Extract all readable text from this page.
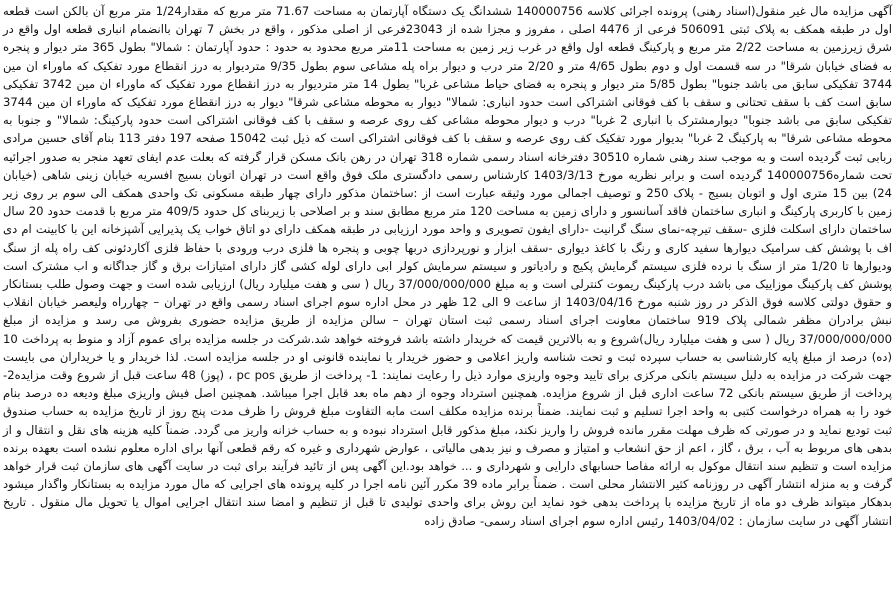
آگهی مزایده مال غیر منقول(اسناد رهنی) پرونده اجرائی کلاسه 140000756 ششدانگ یک دستگاه آپارتمان به مساحت 71.67 متر مربع که مقدار1/24 متر مربع آن بالکن است قطعه اول در طبقه همکف به پلاک ثبتی 506091 فرعی از 4476 اصلی ، مفروز و مجزا شده از 23043فرعی از اصلی مذکور ، واقع در بخش 7 تهران باانضمام انباری قطعه اول واقع در شرق زیرزمین به مساحت 2/22 متر مربع و پارکینگ قطعه اول واقع در غرب زیر زمین به مساحت 11متر مربع محدود به حدود : حدود آپارتمان : شمالا" بطول 365 متر دیوار و پنجره به فضای خیابان شرقا" در سه قسمت اول و دوم بطول 4/65 متر و 2/20 متر درب و دیوار براه پله مشاعی سوم بطول 9/35 متردیوار به درز انقطاع مورد تفکیک که ماوراء ان مین 3744 تفکیکی سابق می باشد جنوبا" بطول 5/85 متر دیوار و پنجره به فضای حیاط مشاعی غربا" بطول 14 متر متردیوار به درز انقطاع مورد تفکیک که ماوراء ان مین 3742 تفکیکی سابق است کف با سقف تحتانی و سقف با کف فوقانی اشتراکی است حدود انباری: شمالا" دیوار به محوطه مشاعی شرقا" دیوار به درز انقطاع مورد تفکیک که ماوراء ان مین 3744 تفکیکی سابق می باشد جنوبا" دیوارمشترک با انباری 2 غربا" درب و دیوار محوطه مشاعی کف روی عرصه و سقف با کف فوقانی اشتراکی است حدود پارکینگ: شمالا" و جنوبا به محوطه مشاعی شرقا" به پارکینگ 2 غربا" بدیوار مورد تفکیک کف روی عرصه و سقف با کف فوقانی اشتراکی است که ذیل ثبت 15042 صفحه 197 دفتر 113 بنام آقای حسین مرادی ربابی ثبت گردیده است و به موجب سند رهنی شماره 30510 دفترخانه اسناد رسمی شماره 318 تهران در رهن بانک مسکن قرار گرفته که بعلت عدم ایفای تعهد منجر به صدور اجرائیه تحت شماره140000756 گردیده است و برابر نظریه مورخ 1403/3/13 کارشناس رسمی دادگستری ملک فوق واقع است در تهران اتوبان بسیج افسریه خیابان زینی شاهی (خیابان 24) بین 15 متری اول و اتوبان بسیج - پلاک 250 و توصیف اجمالی مورد وثیقه عبارت است از :ساختمان مذکور دارای چهار طبقه مسکونی تک واحدی همکف الی سوم بر روی زیر زمین با کاربری پارکینگ و انباری ساختمان فاقد آسانسور و دارای زمین به مساحت 120 متر مربع مطابق سند و بر اصلاحی با زیربنای کل حدود 409/5 متر مربع با قدمت حدود 20 سال ساختمان دارای اسکلت فلزی -سقف تیرچه-نمای سنگ گرانیت -دارای ایفون تصویری و واحد مورد ارزیابی در طبقه همکف دارای دو اتاق خواب یک پذیرایی آشپزخانه این با کابینت ام دی اف با پوشش کف سرامیک دیوارها سفید کاری و رنگ با کاغذ دیواری -سقف ابزار و نورپردازی دربها چوبی و پنجره ها فلزی درب ورودی با حفاظ فلزی آکاردئونی کف راه پله از سنگ ودیوارها تا 1/20 متر از سنگ با نرده فلزی سیستم گرمایش پکیج و رادیاتور و سیستم سرمایش کولر ابی دارای لوله کشی گاز دارای امتیازات برق و گاز جداگانه و اب مشترک است پوشش کف پارکینگ موزاییک می باشد درب پارکینگ ریموت کنترلی است و به مبلغ 37/000/000/000 ریال ( سی و هفت میلیارد ریال) ارزیابی شده است و جهت وصول طلب بستانکار و حقوق دولتی کلاسه فوق الذکر در روز شنبه مورخ 1403/04/16 از ساعت 9 الی 12 ظهر در محل اداره سوم اجرای اسناد رسمی واقع در تهران – چهارراه ولیعصر خیابان انقلاب نبش برادران مظفر شمالی پلاک 919 ساختمان معاونت اجرای اسناد رسمی ثبت استان تهران – سالن مزایده از طریق مزایده حضوری بفروش می رسد و مزایده از مبلغ 37/000/000/000 ریال ( سی و هفت میلیارد ریال)شروع و به بالاترین قیمت که خریدار داشته باشد فروخته خواهد شد.شرکت در جلسه مزایده برای عموم آزاد و منوط به پرداخت 10 (ده) درصد از مبلغ پایه کارشناسی به حساب سپرده ثبت و تحت شناسه واریز اعلامی و حضور خریدار یا نماینده قانونی او در جلسه مزایده است. لذا خریدار و یا خریداران می بایست جهت شرکت در مزایده به دلیل سیستم بانکی مرکزی برای تایید وجوه واریزی موارد ذیل را رعایت نمایند: 1- پرداخت از طریق pc pos ، (پوز) 48 ساعت قبل از شروع وقت مزایده2- پرداخت از طریق سیستم بانکی 72 ساعت اداری قبل از شروع مزایده. همچنین استرداد وجوه از دهم ماه بعد قابل اجرا میباشد. همچنین اصل فیش واریزی مبلغ ودیعه ده درصد بنام خود را به همراه درخواست کتبی به واحد اجرا تسلیم و ثبت نمایند. ضمناً برنده مزایده مکلف است مابه التفاوت مبلغ فروش را ظرف مدت پنج روز از تاریخ مزایده به حساب صندوق ثبت توديع نمايد و در صورتی که ظرف مهلت مقرر مانده فروش را واریز نکند، مبلغ مذکور قابل استرداد نبوده و به حساب خزانه واریز می گردد. ضمناً کلیه هزینه های نقل و انتقال و از بدهی های مربوط به آب ، برق ، گاز ، اعم از حق انشعاب و امتیاز و مصرف و نیز بدهی مالیاتی ، عوارض شهرداری و غیره که رقم قطعی آنها برای اداره معلوم نشده است بعهده برنده مزایده است و تنظیم سند انتقال موکول به ارائه مفاصا حسابهای دارایی و شهرداری و ... خواهد بود.این آگهی پس از تائید فرآیند برای ثبت در سایت آگهی های سازمان ثبت قرار خواهد گرفت و به منزله انتشار آگهی در روزنامه کثیر الانتشار محلی است . ضمناً برابر ماده 39 مکرر آئین نامه اجرا در کلیه پرونده های اجرایی که مال مورد مزایده به بستانکار واگذار میشود بدهکار میتواند ظرف دو ماه از تاریخ مزایده با پرداخت بدهی خود نماید این روش برای واحدی تولیدی تا قبل از تنظیم و امضا سند انتقال اجرایی اموال یا تحویل مال منقول . تاریخ انتشار آگهی در سایت سازمان : 1403/04/02 رئیس اداره سوم اجرای اسناد رسمی- صادق زاده
